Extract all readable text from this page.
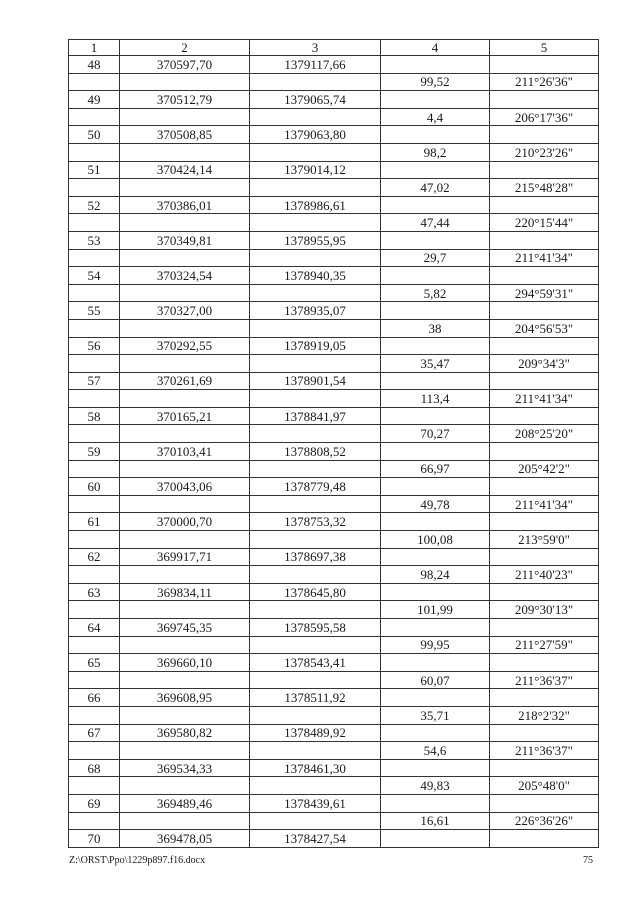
1	2	3	4	5
48	370597,70	1379117,66		
			99,52	211°26'36"
49	370512,79	1379065,74		
			4,4	206°17'36"
50	370508,85	1379063,80		
			98,2	210°23'26"
51	370424,14	1379014,12		
			47,02	215°48'28"
52	370386,01	1378986,61		
			47,44	220°15'44"
53	370349,81	1378955,95		
			29,7	211°41'34"
54	370324,54	1378940,35		
			5,82	294°59'31"
55	370327,00	1378935,07		
			38	204°56'53"
56	370292,55	1378919,05		
			35,47	209°34'3"
57	370261,69	1378901,54		
			113,4	211°41'34"
58	370165,21	1378841,97		
			70,27	208°25'20"
59	370103,41	1378808,52		
			66,97	205°42'2"
60	370043,06	1378779,48		
			49,78	211°41'34"
61	370000,70	1378753,32		
			100,08	213°59'0"
62	369917,71	1378697,38		
			98,24	211°40'23"
63	369834,11	1378645,80		
			101,99	209°30'13"
64	369745,35	1378595,58		
			99,95	211°27'59"
65	369660,10	1378543,41		
			60,07	211°36'37"
66	369608,95	1378511,92		
			35,71	218°2'32"
67	369580,82	1378489,92		
			54,6	211°36'37"
68	369534,33	1378461,30		
			49,83	205°48'0"
69	369489,46	1378439,61		
			16,61	226°36'26"
70	369478,05	1378427,54		
Z:\ORST\Ppo\1229p897.f16.docx	75
